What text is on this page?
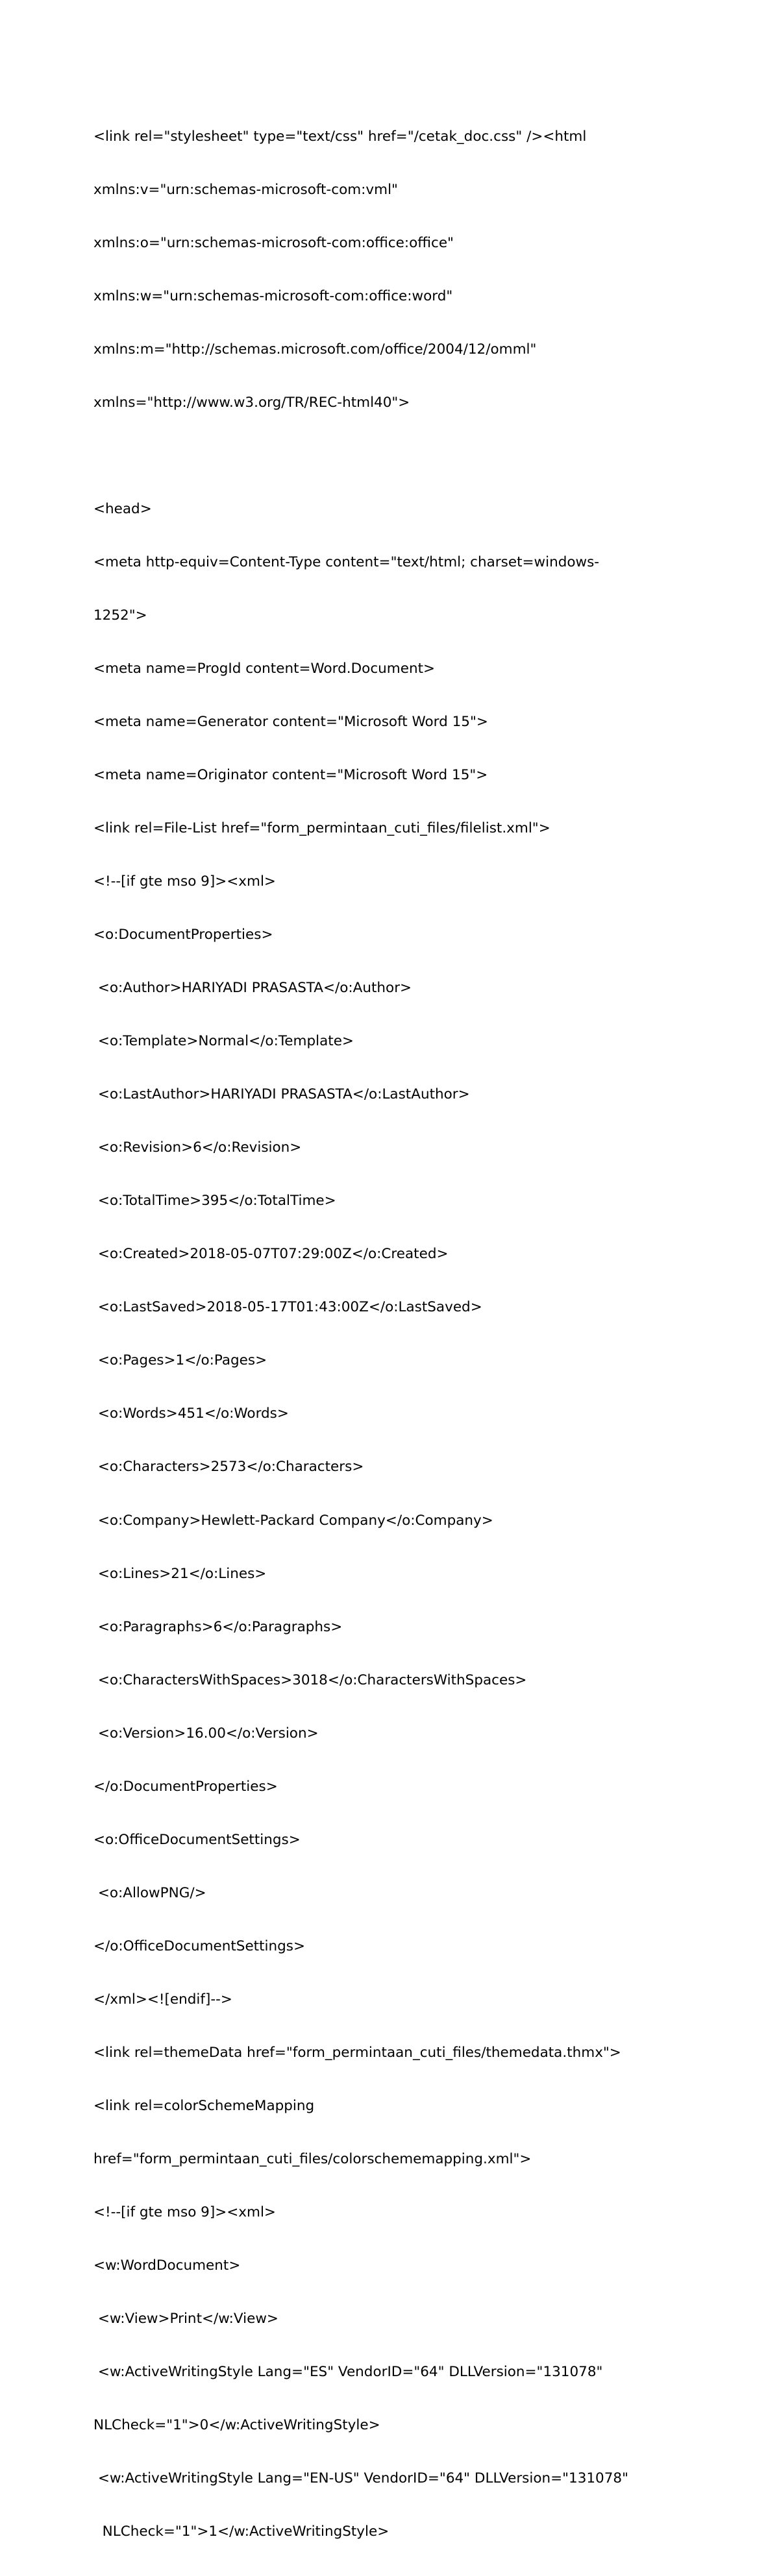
<link rel="stylesheet" type="text/css" href="/cetak_doc.css" /><html

xmlns:v="urn:schemas-microsoft-com:vml"

xmlns:o="urn:schemas-microsoft-com:office:office"

xmlns:w="urn:schemas-microsoft-com:office:word"

xmlns:m="http://schemas.microsoft.com/office/2004/12/omml"

xmlns="http://www.w3.org/TR/REC-html40">

<head>

<meta http-equiv=Content-Type content="text/html; charset=windows-

1252">

<meta name=ProgId content=Word.Document>

<meta name=Generator content="Microsoft Word 15">

<meta name=Originator content="Microsoft Word 15">

<link rel=File-List href="form_permintaan_cuti_files/filelist.xml">

<!--[if gte mso 9]><xml>

<o:DocumentProperties>

<o:Author>HARIYADI PRASASTA</o:Author>

<o:Template>Normal</o:Template>

<o:LastAuthor>HARIYADI PRASASTA</o:LastAuthor>

<o:Revision>6</o:Revision>

<o:TotalTime>395</o:TotalTime>

<o:Created>2018-05-07T07:29:00Z</o:Created>

<o:LastSaved>2018-05-17T01:43:00Z</o:LastSaved>

<o:Pages>1</o:Pages>

<o:Words>451</o:Words>

<o:Characters>2573</o:Characters>

<o:Company>Hewlett-Packard Company</o:Company>

<o:Lines>21</o:Lines>

<o:Paragraphs>6</o:Paragraphs>

<o:CharactersWithSpaces>3018</o:CharactersWithSpaces>

<o:Version>16.00</o:Version>

</o:DocumentProperties>

<o:OfficeDocumentSettings>

<o:AllowPNG/>

</o:OfficeDocumentSettings>

</xml><![endif]-->

<link rel=themeData href="form_permintaan_cuti_files/themedata.thmx">

<link rel=colorSchemeMapping

href="form_permintaan_cuti_files/colorschememapping.xml">

<!--[if gte mso 9]><xml>

<w:WordDocument>

<w:View>Print</w:View>

<w:ActiveWritingStyle Lang="ES" VendorID="64" DLLVersion="131078"

NLCheck="1">0</w:ActiveWritingStyle>

<w:ActiveWritingStyle Lang="EN-US" VendorID="64" DLLVersion="131078"

NLCheck="1">1</w:ActiveWritingStyle>
